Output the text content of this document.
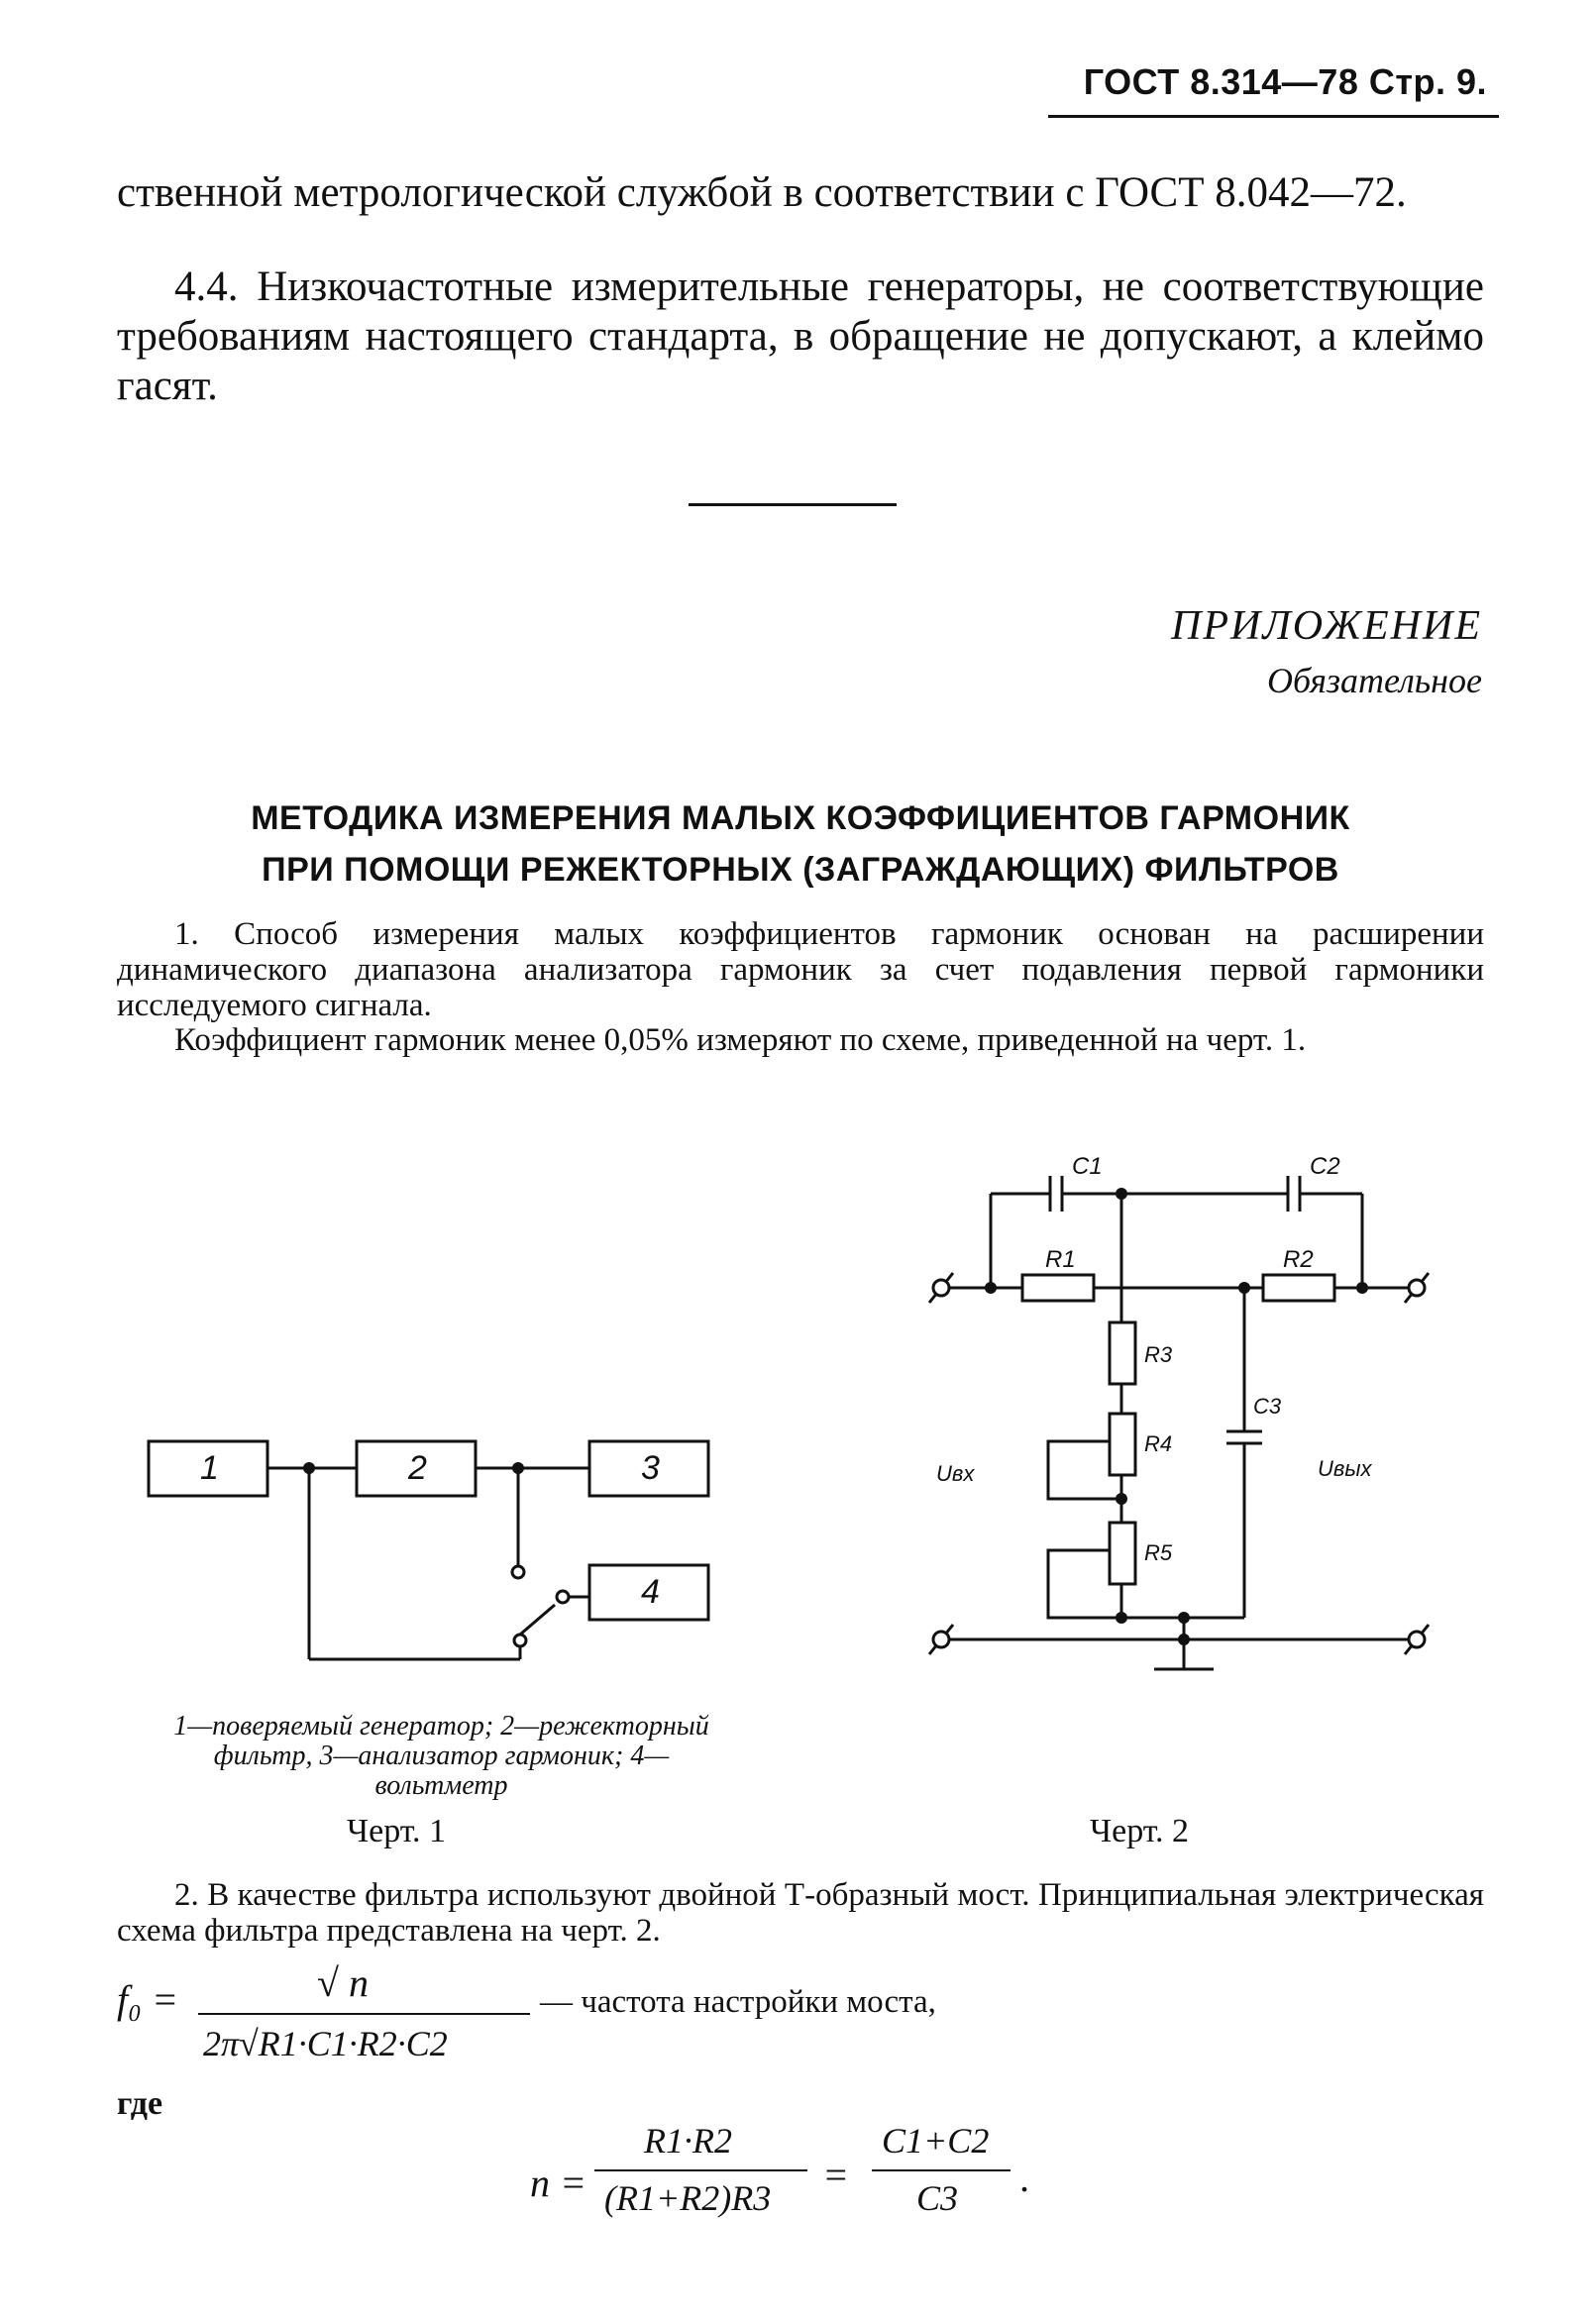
ГОСТ 8.314—78 Стр. 9.
ственной метрологической службой в соответствии с ГОСТ 8.042—72.
4.4. Низкочастотные измерительные генераторы, не соответствующие требованиям настоящего стандарта, в обращение не допускают, а клеймо гасят.
ПРИЛОЖЕНИЕ
Обязательное
МЕТОДИКА ИЗМЕРЕНИЯ МАЛЫХ КОЭФФИЦИЕНТОВ ГАРМОНИК
ПРИ ПОМОЩИ РЕЖЕКТОРНЫХ (ЗАГРАЖДАЮЩИХ) ФИЛЬТРОВ
1. Способ измерения малых коэффициентов гармоник основан на расширении динамического диапазона анализатора гармоник за счет подавления первой гармоники исследуемого сигнала.
Коэффициент гармоник менее 0,05% измеряют по схеме, приведенной на черт. 1.
1	2	3
4
1—поверяемый генератор; 2—режекторный фильтр, 3—анализатор гармоник; 4—вольтметр
Черт. 1
C1	C2
R1	R2
R3
R4
R5
C3
Uвх	Uвых
Черт. 2
2. В качестве фильтра используют двойной Т-образный мост. Принципиальная электрическая схема фильтра представлена на черт. 2.
f₀ =	√ n
2π√R1·C1·R2·C2
— частота настройки моста,
где
n =
R1·R2
(R1+R2)R3
=
C1+C2
C3 .
